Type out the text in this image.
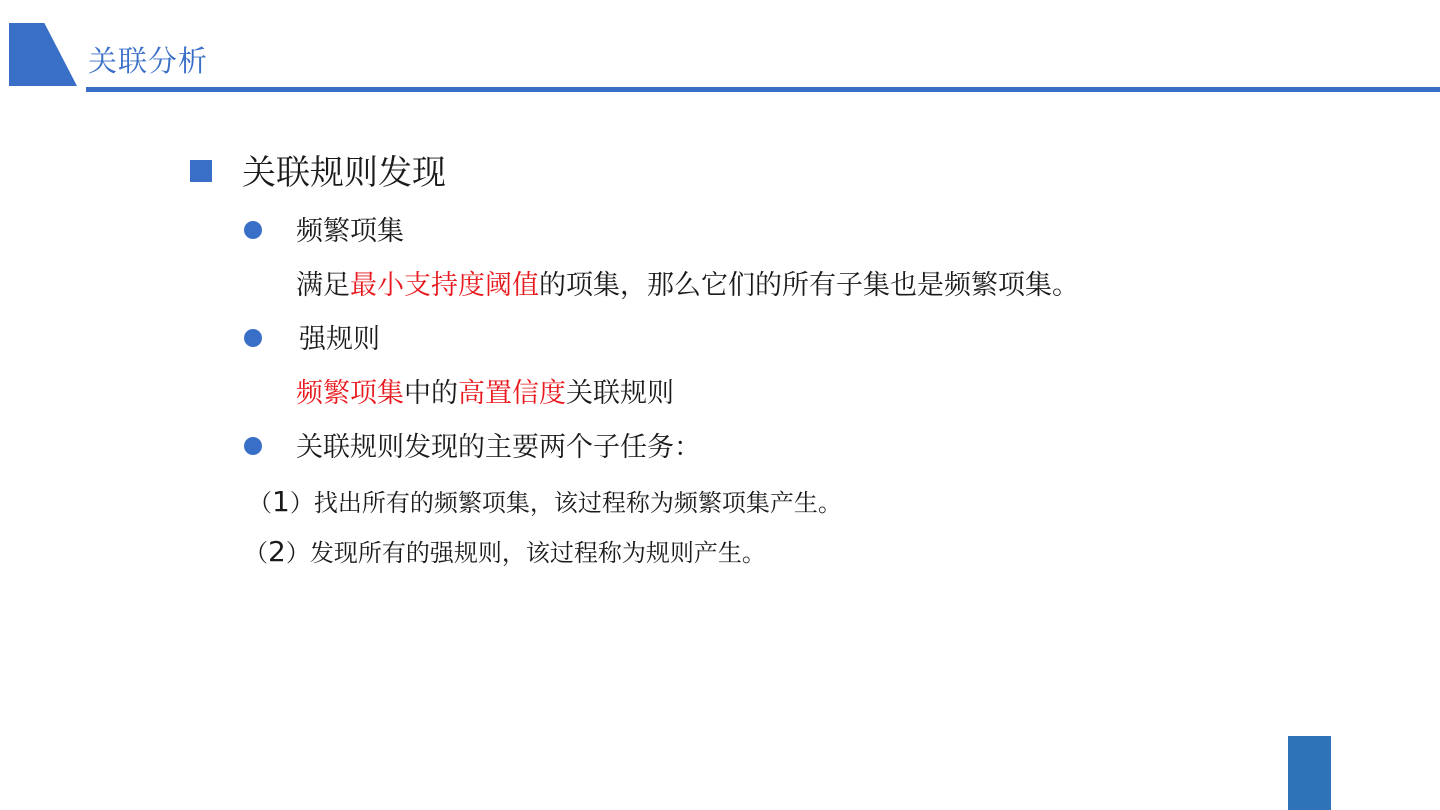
关联分析
关联规则发现
频繁项集
满足最小支持度阈值的项集，那么它们的所有子集也是频繁项集。
强规则
频繁项集中的高置信度关联规则
关联规则发现的主要两个子任务：
（1）找出所有的频繁项集，该过程称为频繁项集产生。
（2）发现所有的强规则，该过程称为规则产生。
